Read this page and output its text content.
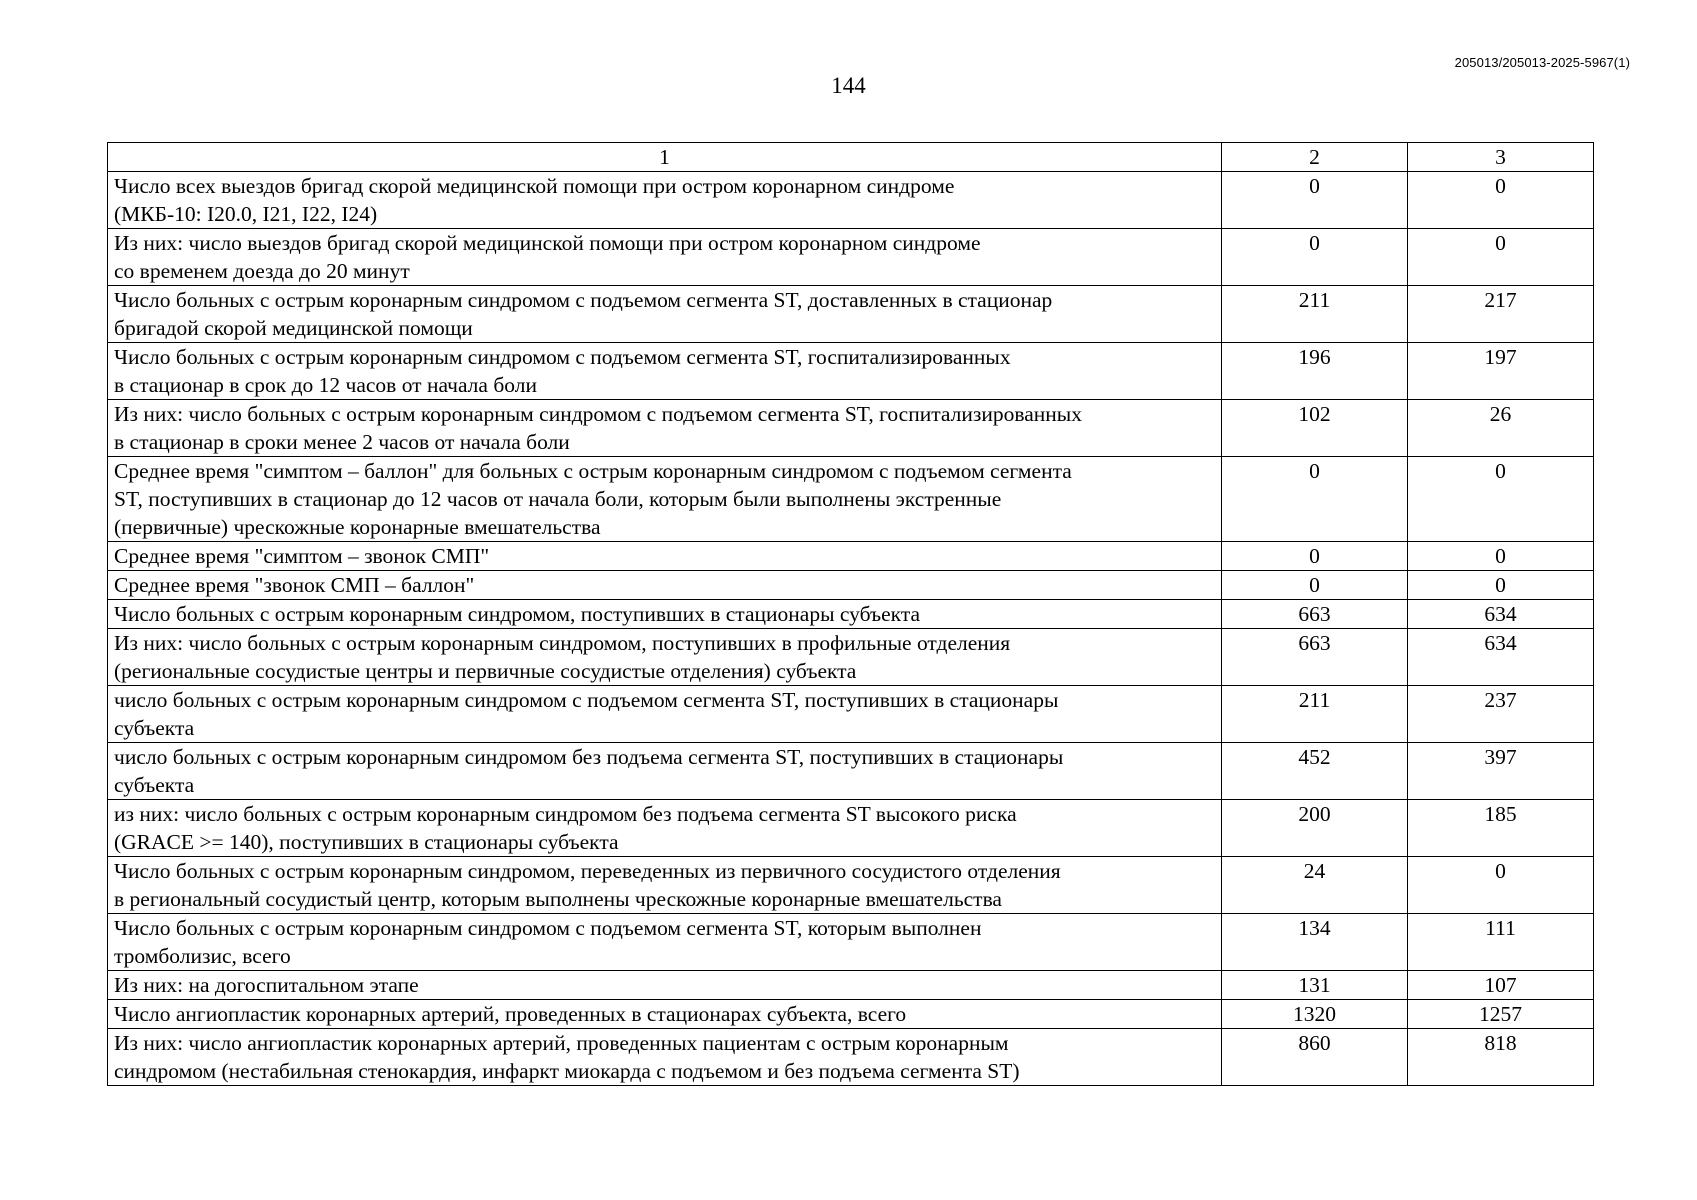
205013/205013-2025-5967(1)
144
1	2	3

Число всех выездов бригад скорой медицинской помощи при остром коронарном синдроме
(МКБ-10: I20.0, I21, I22, I24)	0	0

Из них: число выездов бригад скорой медицинской помощи при остром коронарном синдроме
со временем доезда до 20 минут	0	0

Число больных с острым коронарным синдромом с подъемом сегмента ST, доставленных в стационар
бригадой скорой медицинской помощи	211	217

Число больных с острым коронарным синдромом с подъемом сегмента ST, госпитализированных
в стационар в срок до 12 часов от начала боли	196	197

Из них: число больных с острым коронарным синдромом с подъемом сегмента ST, госпитализированных
в стационар в сроки менее 2 часов от начала боли	102	26

Среднее время "симптом – баллон" для больных с острым коронарным синдромом с подъемом сегмента
ST, поступивших в стационар до 12 часов от начала боли, которым были выполнены экстренные
(первичные) чрескожные коронарные вмешательства	0	0

Среднее время "симптом – звонок СМП"	0	0

Среднее время "звонок СМП – баллон"	0	0

Число больных с острым коронарным синдромом, поступивших в стационары субъекта	663	634

Из них: число больных с острым коронарным синдромом, поступивших в профильные отделения
(региональные сосудистые центры и первичные сосудистые отделения) субъекта	663	634

число больных с острым коронарным синдромом с подъемом сегмента ST, поступивших в стационары
субъекта	211	237

число больных с острым коронарным синдромом без подъема сегмента ST, поступивших в стационары
субъекта	452	397

из них: число больных с острым коронарным синдромом без подъема сегмента ST высокого риска
(GRACE >= 140), поступивших в стационары субъекта	200	185

Число больных с острым коронарным синдромом, переведенных из первичного сосудистого отделения
в региональный сосудистый центр, которым выполнены чрескожные коронарные вмешательства	24	0

Число больных с острым коронарным синдромом с подъемом сегмента ST, которым выполнен
тромболизис, всего	134	111

Из них: на догоспитальном этапе	131	107

Число ангиопластик коронарных артерий, проведенных в стационарах субъекта, всего	1320	1257

Из них: число ангиопластик коронарных артерий, проведенных пациентам с острым коронарным
синдромом (нестабильная стенокардия, инфаркт миокарда с подъемом и без подъема сегмента ST)	860	818
